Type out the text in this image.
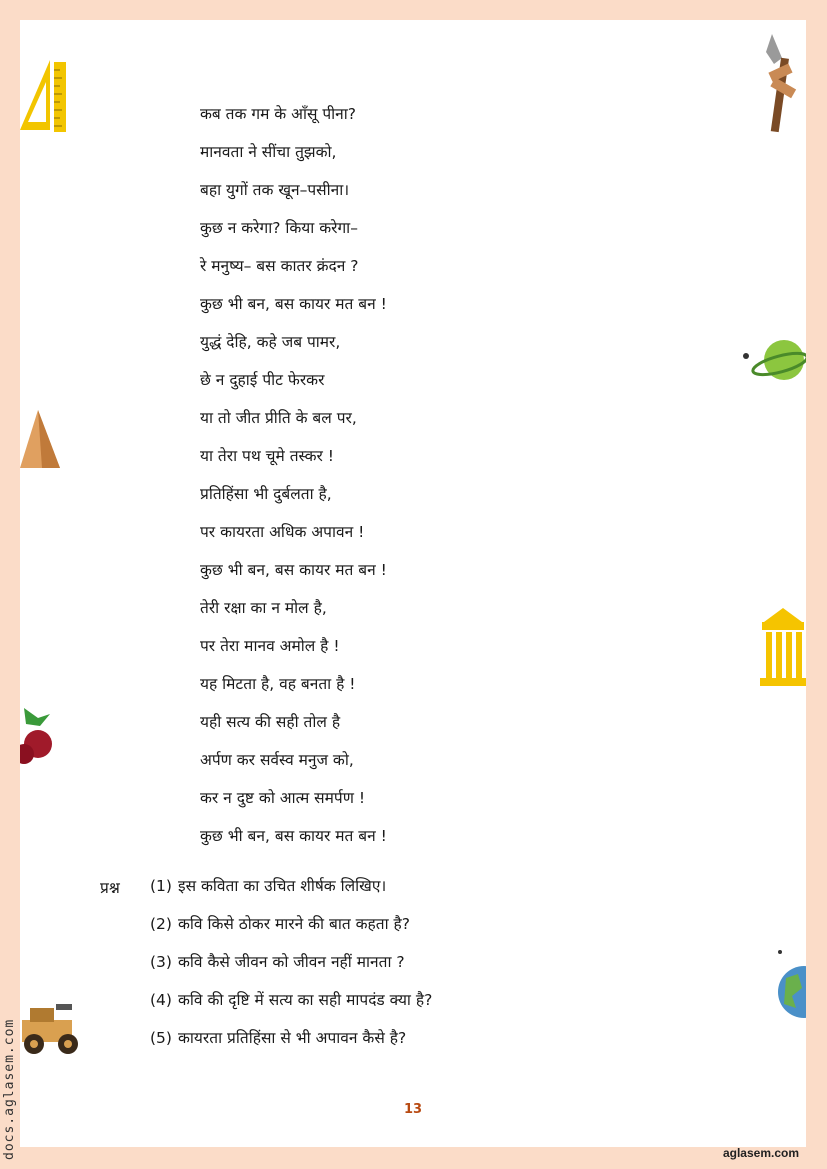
कब तक गम के आँसू पीना?
मानवता ने सींचा तुझको,
बहा युगों तक खून–पसीना।
कुछ न करेगा? किया करेगा–
रे मनुष्य– बस कातर क्रंदन ?
कुछ भी बन, बस कायर मत बन !
युद्धं देहि, कहे जब पामर,
छे न दुहाई पीट फेरकर
या तो जीत प्रीति के बल पर,
या तेरा पथ चूमे तस्कर !
प्रतिहिंसा भी दुर्बलता है,
पर कायरता अधिक अपावन !
कुछ भी बन, बस कायर मत बन !
तेरी रक्षा का न मोल है,
पर तेरा मानव अमोल है !
यह मिटता है, वह बनता है !
यही सत्य की सही तोल है
अर्पण कर सर्वस्व मनुज को,
कर न दुष्ट को आत्म समर्पण !
कुछ भी बन, बस कायर मत बन !
प्रश्न (1) इस कविता का उचित शीर्षक लिखिए।
(2) कवि किसे ठोकर मारने की बात कहता है?
(3) कवि कैसे जीवन को जीवन नहीं मानता ?
(4) कवि की दृष्टि में सत्य का सही मापदंड क्या है?
(5) कायरता प्रतिहिंसा से भी अपावन कैसे है?
13
aglasem.com
docs.aglasem.com
